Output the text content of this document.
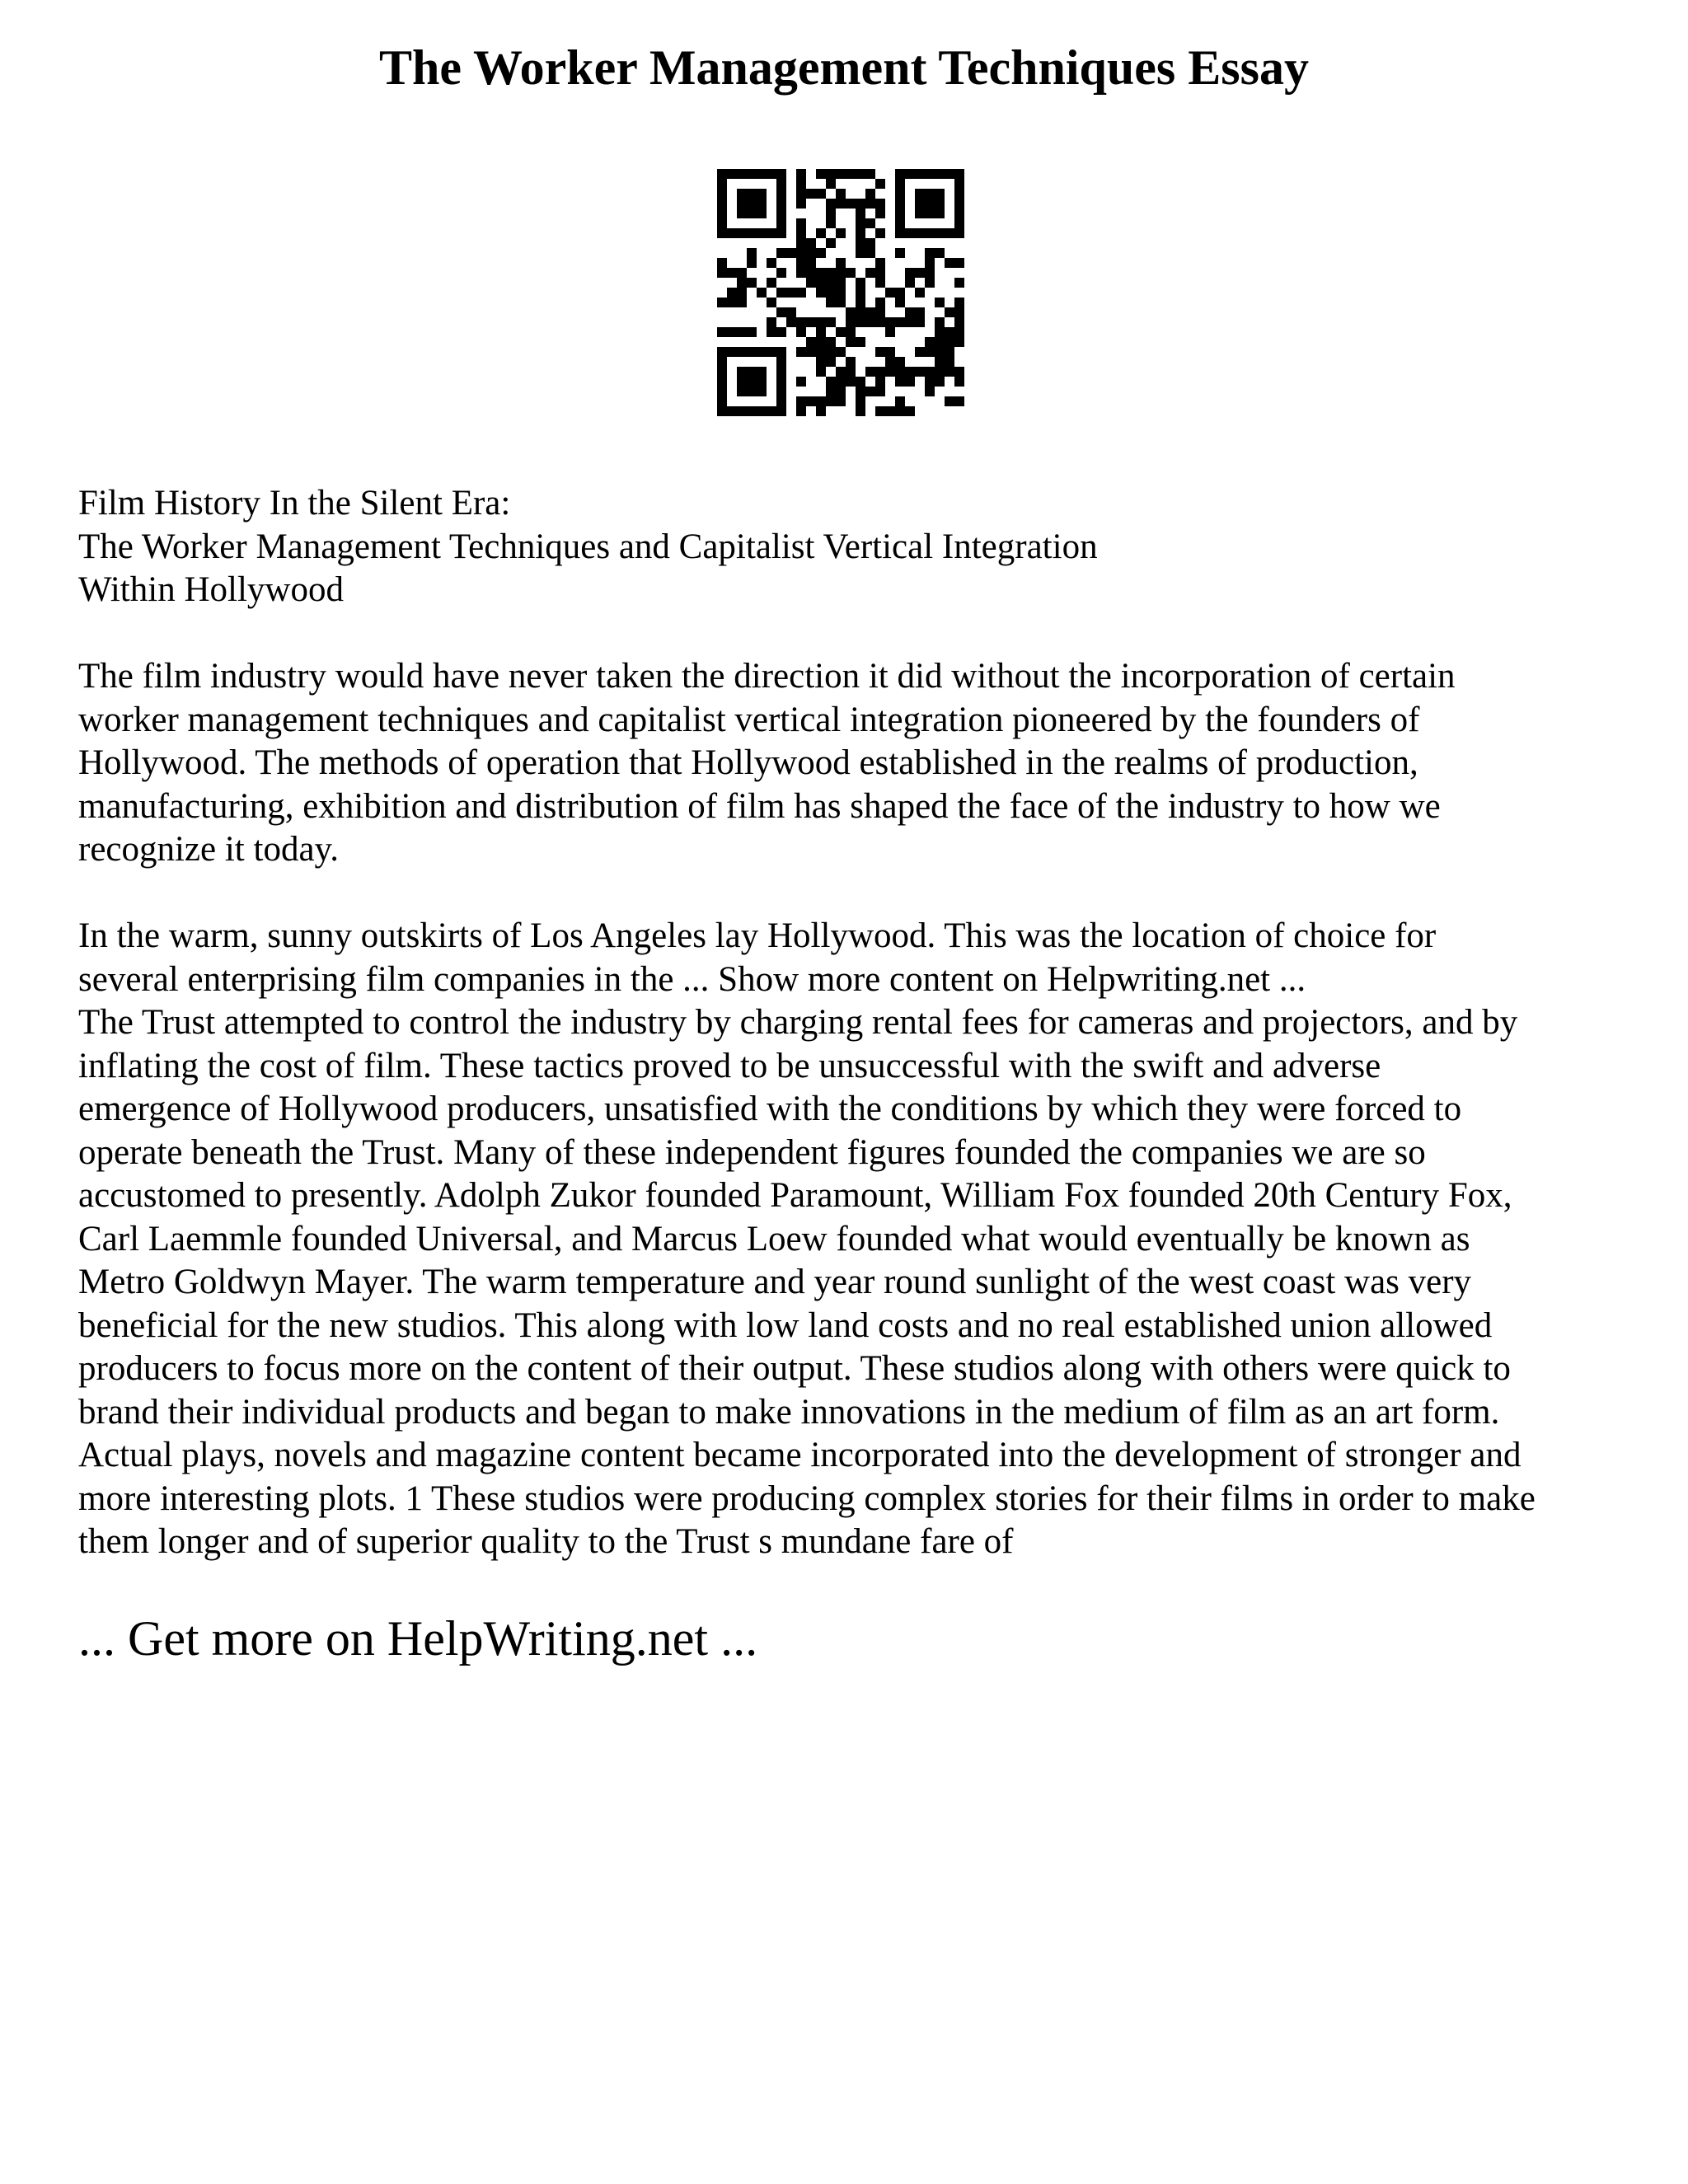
The Worker Management Techniques Essay

Film History In the Silent Era:

The Worker Management Techniques and Capitalist Vertical Integration

Within Hollywood

The film industry would have never taken the direction it did without the incorporation of certain
worker management techniques and capitalist vertical integration pioneered by the founders of
Hollywood. The methods of operation that Hollywood established in the realms of production,
manufacturing, exhibition and distribution of film has shaped the face of the industry to how we
recognize it today.

In the warm, sunny outskirts of Los Angeles lay Hollywood. This was the location of choice for
several enterprising film companies in the ... Show more content on Helpwriting.net ...

The Trust attempted to control the industry by charging rental fees for cameras and projectors, and by
inflating the cost of film. These tactics proved to be unsuccessful with the swift and adverse
emergence of Hollywood producers, unsatisfied with the conditions by which they were forced to
operate beneath the Trust. Many of these independent figures founded the companies we are so
accustomed to presently. Adolph Zukor founded Paramount, William Fox founded 20th Century Fox,
Carl Laemmle founded Universal, and Marcus Loew founded what would eventually be known as
Metro Goldwyn Mayer. The warm temperature and year round sunlight of the west coast was very
beneficial for the new studios. This along with low land costs and no real established union allowed
producers to focus more on the content of their output. These studios along with others were quick to
brand their individual products and began to make innovations in the medium of film as an art form.
Actual plays, novels and magazine content became incorporated into the development of stronger and
more interesting plots. 1 These studios were producing complex stories for their films in order to make
them longer and of superior quality to the Trust s mundane fare of

... Get more on HelpWriting.net ...
